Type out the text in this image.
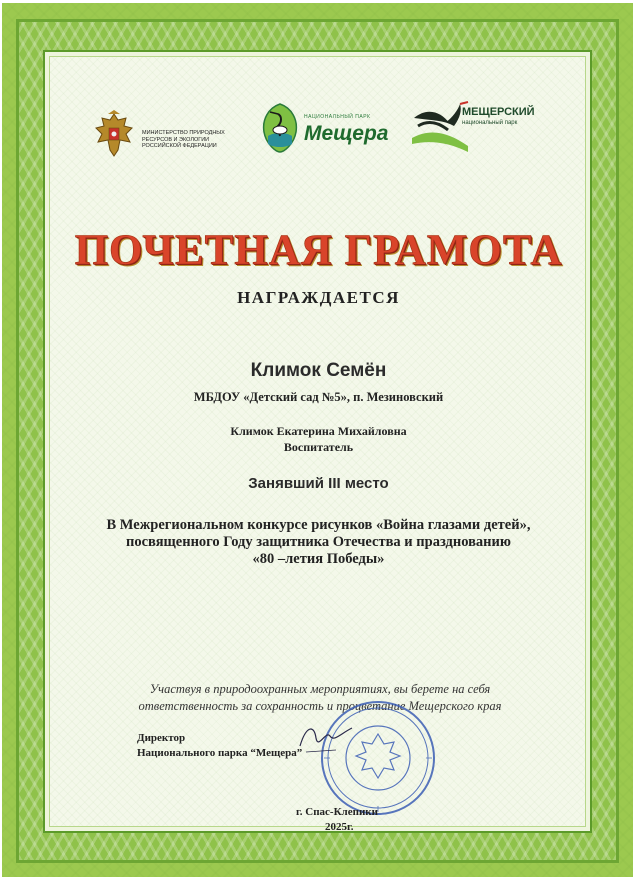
МИНИСТЕРСТВО ПРИРОДНЫХ
РЕСУРСОВ И ЭКОЛОГИИ
РОССИЙСКОЙ ФЕДЕРАЦИИ
НАЦИОНАЛЬНЫЙ ПАРК
Мещера
МЕЩЕРСКИЙ
национальный парк
ПОЧЕТНАЯ ГРАМОТА
НАГРАЖДАЕТСЯ
Климок Семён
МБДОУ «Детский сад №5», п. Мезиновский
Климок Екатерина Михайловна
Воспитатель
Занявший III место
В Межрегиональном конкурсе рисунков «Война глазами детей»,
посвященного Году защитника Отечества и празднованию
«80 –летия Победы»
Участвуя в природоохранных мероприятиях, вы берете на себя
ответственность за сохранность и процветание Мещерского края
Директор
Национального парка “Мещера”
г. Спас-Клепики
2025г.
